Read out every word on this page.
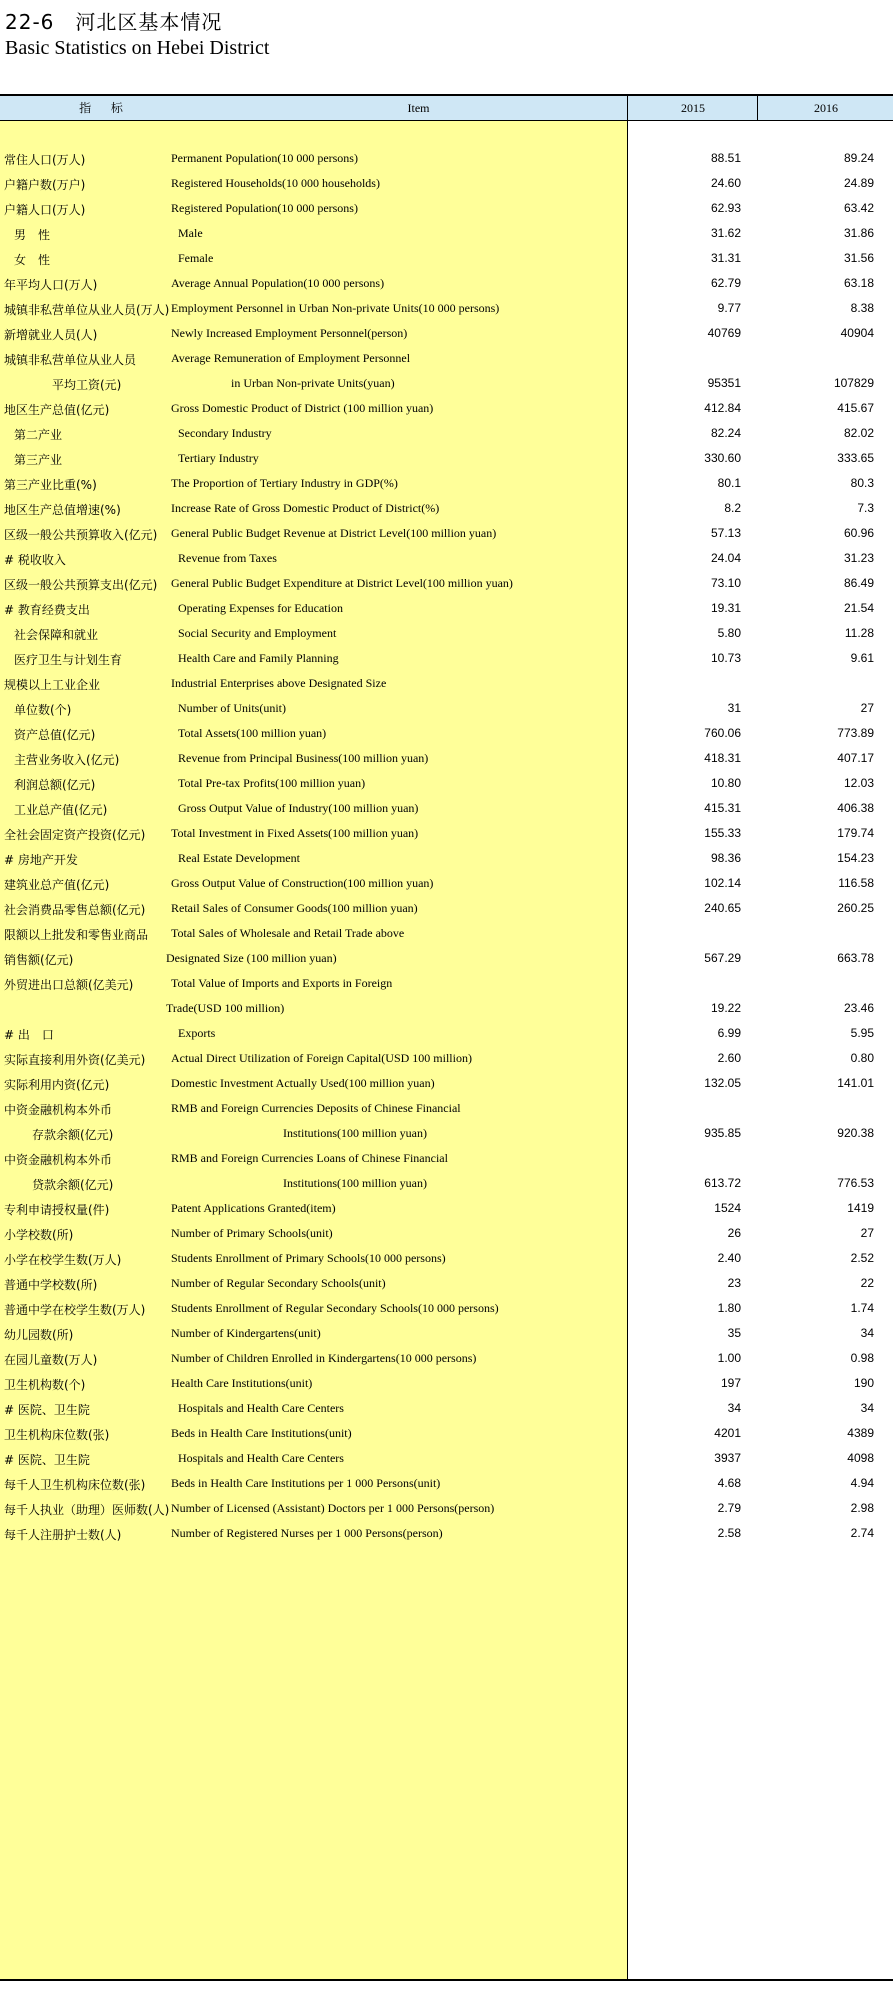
22-6　河北区基本情况
Basic Statistics on Hebei District
指 标	Item	2015	2016
常住人口(万人)	Permanent Population(10 000 persons)	88.51	89.24
户籍户数(万户)	Registered Households(10 000 households)	24.60	24.89
户籍人口(万人)	Registered Population(10 000 persons)	62.93	63.42
男　性	Male	31.62	31.86
女　性	Female	31.31	31.56
年平均人口(万人)	Average Annual Population(10 000 persons)	62.79	63.18
城镇非私营单位从业人员(万人) Employment Personnel in Urban Non-private Units(10 000 persons)	9.77	8.38
新增就业人员(人)	Newly Increased Employment Personnel(person)	40769	40904
城镇非私营单位从业人员	Average Remuneration of Employment Personnel
平均工资(元)	in Urban Non-private Units(yuan)	95351	107829
地区生产总值(亿元)	Gross Domestic Product of District (100 million yuan)	412.84	415.67
第二产业	Secondary Industry	82.24	82.02
第三产业	Tertiary Industry	330.60	333.65
第三产业比重(%)	The Proportion of Tertiary Industry in GDP(%)	80.1	80.3
地区生产总值增速(%)	Increase Rate of Gross Domestic Product of District(%)	8.2	7.3
区级一般公共预算收入(亿元) General Public Budget Revenue at District Level(100 million yuan)	57.13	60.96
# 税收收入	Revenue from Taxes	24.04	31.23
区级一般公共预算支出(亿元) General Public Budget Expenditure at District Level(100 million yuan)	73.10	86.49
# 教育经费支出	Operating Expenses for Education	19.31	21.54
社会保障和就业	Social Security and Employment	5.80	11.28
医疗卫生与计划生育	Health Care and Family Planning	10.73	9.61
规模以上工业企业	Industrial Enterprises above Designated Size
单位数(个)	Number of Units(unit)	31	27
资产总值(亿元)	Total Assets(100 million yuan)	760.06	773.89
主营业务收入(亿元)	Revenue from Principal Business(100 million yuan)	418.31	407.17
利润总额(亿元)	Total Pre-tax Profits(100 million yuan)	10.80	12.03
工业总产值(亿元)	Gross Output Value of Industry(100 million yuan)	415.31	406.38
全社会固定资产投资(亿元) Total Investment in Fixed Assets(100 million yuan)	155.33	179.74
# 房地产开发	Real Estate Development	98.36	154.23
建筑业总产值(亿元)	Gross Output Value of Construction(100 million yuan)	102.14	116.58
社会消费品零售总额(亿元) Retail Sales of Consumer Goods(100 million yuan)	240.65	260.25
限额以上批发和零售业商品 Total Sales of Wholesale and Retail Trade above
销售额(亿元)	Designated Size (100 million yuan)	567.29	663.78
外贸进出口总额(亿美元)	Total Value of Imports and Exports in Foreign
Trade(USD 100 million)	19.22	23.46
# 出　口	Exports	6.99	5.95
实际直接利用外资(亿美元) Actual Direct Utilization of Foreign Capital(USD 100 million)	2.60	0.80
实际利用内资(亿元)	Domestic Investment Actually Used(100 million yuan)	132.05	141.01
中资金融机构本外币	RMB and Foreign Currencies Deposits of Chinese Financial
存款余额(亿元)	Institutions(100 million yuan)	935.85	920.38
中资金融机构本外币	RMB and Foreign Currencies Loans of Chinese Financial
贷款余额(亿元)	Institutions(100 million yuan)	613.72	776.53
专利申请授权量(件)	Patent Applications Granted(item)	1524	1419
小学校数(所)	Number of Primary Schools(unit)	26	27
小学在校学生数(万人)	Students Enrollment of Primary Schools(10 000 persons)	2.40	2.52
普通中学校数(所)	Number of Regular Secondary Schools(unit)	23	22
普通中学在校学生数(万人) Students Enrollment of Regular Secondary Schools(10 000 persons)	1.80	1.74
幼儿园数(所)	Number of Kindergartens(unit)	35	34
在园儿童数(万人)	Number of Children Enrolled in Kindergartens(10 000 persons)	1.00	0.98
卫生机构数(个)	Health Care Institutions(unit)	197	190
# 医院、卫生院	Hospitals and Health Care Centers	34	34
卫生机构床位数(张)	Beds in Health Care Institutions(unit)	4201	4389
# 医院、卫生院	Hospitals and Health Care Centers	3937	4098
每千人卫生机构床位数(张) Beds in Health Care Institutions per 1 000 Persons(unit)	4.68	4.94
每千人执业（助理）医师数(人) Number of Licensed (Assistant) Doctors per 1 000 Persons(person)	2.79	2.98
每千人注册护士数(人)	Number of Registered Nurses per 1 000 Persons(person)	2.58	2.74
